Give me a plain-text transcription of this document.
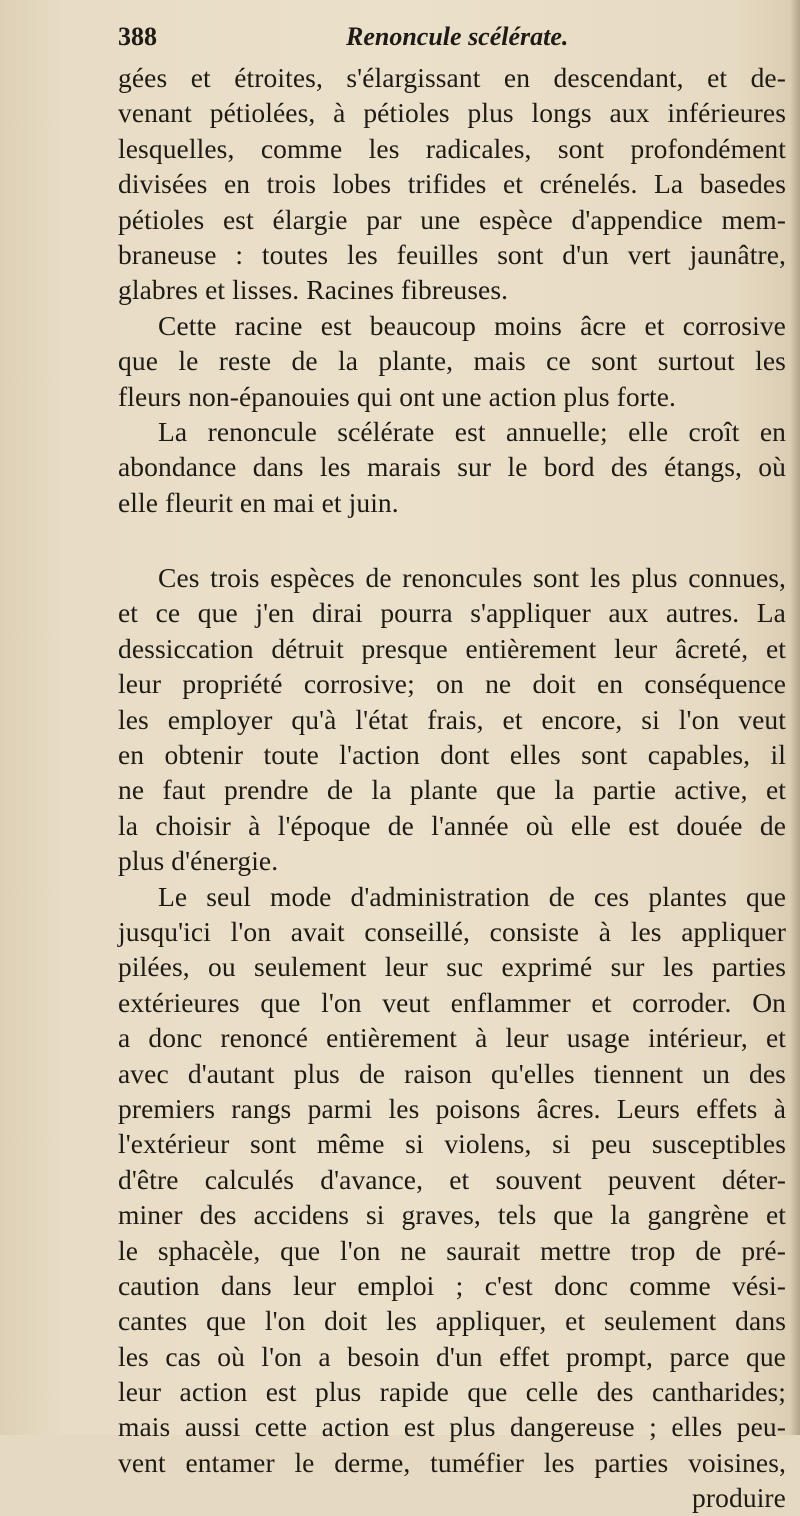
388	Renoncule scélérate.
gées et étroites, s'élargissant en descendant, et de-
venant pétiolées, à pétioles plus longs aux inférieures
lesquelles, comme les radicales, sont profondément
divisées en trois lobes trifides et crénelés. La basedes
pétioles est élargie par une espèce d'appendice mem-
braneuse : toutes les feuilles sont d'un vert jaunâtre,
glabres et lisses. Racines fibreuses.
Cette racine est beaucoup moins âcre et corrosive
que le reste de la plante, mais ce sont surtout les
fleurs non-épanouies qui ont une action plus forte.
La renoncule scélérate est annuelle; elle croît en
abondance dans les marais sur le bord des étangs, où
elle fleurit en mai et juin.
Ces trois espèces de renoncules sont les plus connues,
et ce que j'en dirai pourra s'appliquer aux autres. La
dessiccation détruit presque entièrement leur âcreté, et
leur propriété corrosive; on ne doit en conséquence
les employer qu'à l'état frais, et encore, si l'on veut
en obtenir toute l'action dont elles sont capables, il
ne faut prendre de la plante que la partie active, et
la choisir à l'époque de l'année où elle est douée de
plus d'énergie.
Le seul mode d'administration de ces plantes que
jusqu'ici l'on avait conseillé, consiste à les appliquer
pilées, ou seulement leur suc exprimé sur les parties
extérieures que l'on veut enflammer et corroder. On
a donc renoncé entièrement à leur usage intérieur, et
avec d'autant plus de raison qu'elles tiennent un des
premiers rangs parmi les poisons âcres. Leurs effets à
l'extérieur sont même si violens, si peu susceptibles
d'être calculés d'avance, et souvent peuvent déter-
miner des accidens si graves, tels que la gangrène et
le sphacèle, que l'on ne saurait mettre trop de pré-
caution dans leur emploi ; c'est donc comme vési-
cantes que l'on doit les appliquer, et seulement dans
les cas où l'on a besoin d'un effet prompt, parce que
leur action est plus rapide que celle des cantharides;
mais aussi cette action est plus dangereuse ; elles peu-
vent entamer le derme, tuméfier les parties voisines,
produire
